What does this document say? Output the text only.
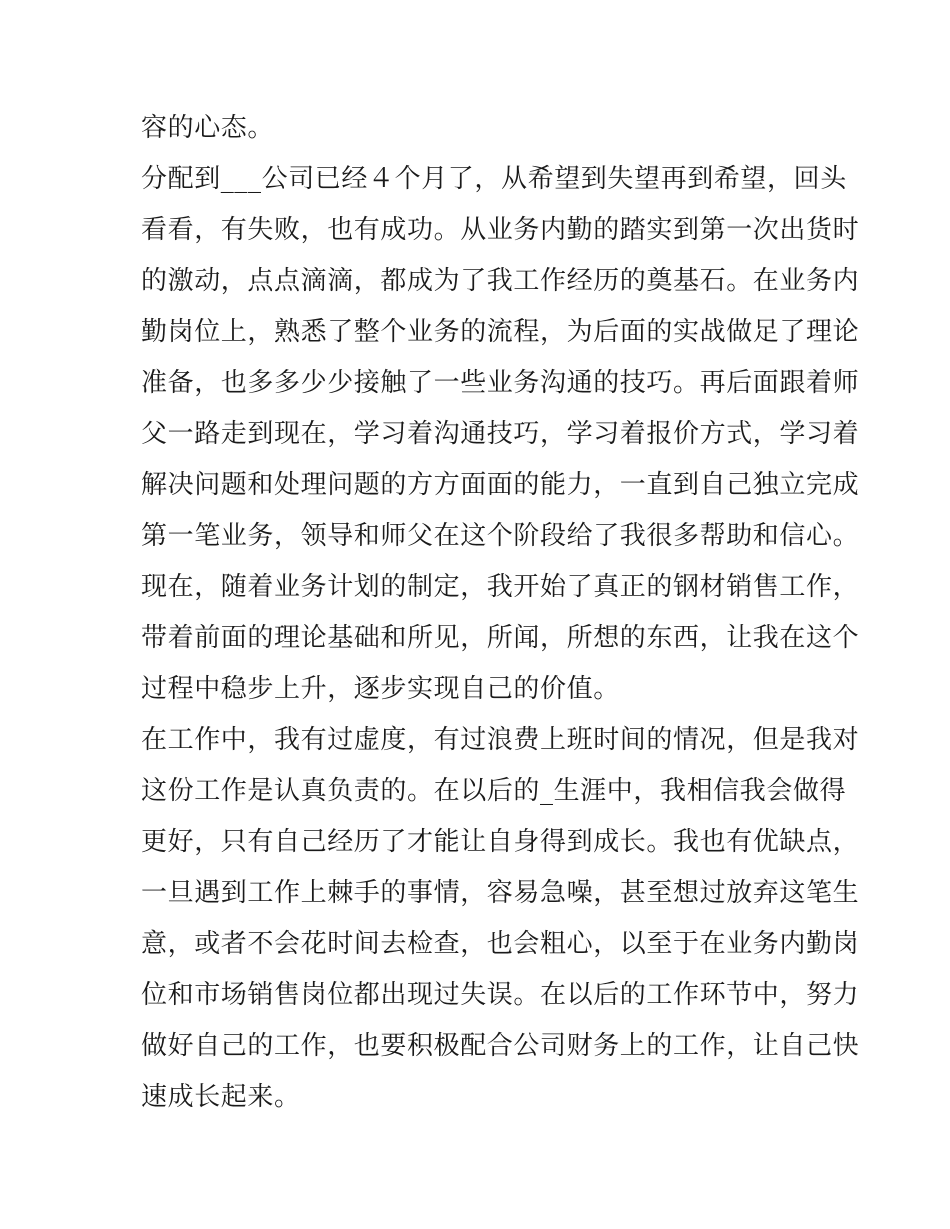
容的心态。
分配到___公司已经４个月了，从希望到失望再到希望，回头
看看，有失败，也有成功。从业务内勤的踏实到第一次出货时
的激动，点点滴滴，都成为了我工作经历的奠基石。在业务内
勤岗位上，熟悉了整个业务的流程，为后面的实战做足了理论
准备，也多多少少接触了一些业务沟通的技巧。再后面跟着师
父一路走到现在，学习着沟通技巧，学习着报价方式，学习着
解决问题和处理问题的方方面面的能力，一直到自己独立完成
第一笔业务，领导和师父在这个阶段给了我很多帮助和信心。
现在，随着业务计划的制定，我开始了真正的钢材销售工作，
带着前面的理论基础和所见，所闻，所想的东西，让我在这个
过程中稳步上升，逐步实现自己的价值。
在工作中，我有过虚度，有过浪费上班时间的情况，但是我对
这份工作是认真负责的。在以后的_生涯中，我相信我会做得
更好，只有自己经历了才能让自身得到成长。我也有优缺点，
一旦遇到工作上棘手的事情，容易急噪，甚至想过放弃这笔生
意，或者不会花时间去检查，也会粗心，以至于在业务内勤岗
位和市场销售岗位都出现过失误。在以后的工作环节中，努力
做好自己的工作，也要积极配合公司财务上的工作，让自己快
速成长起来。
